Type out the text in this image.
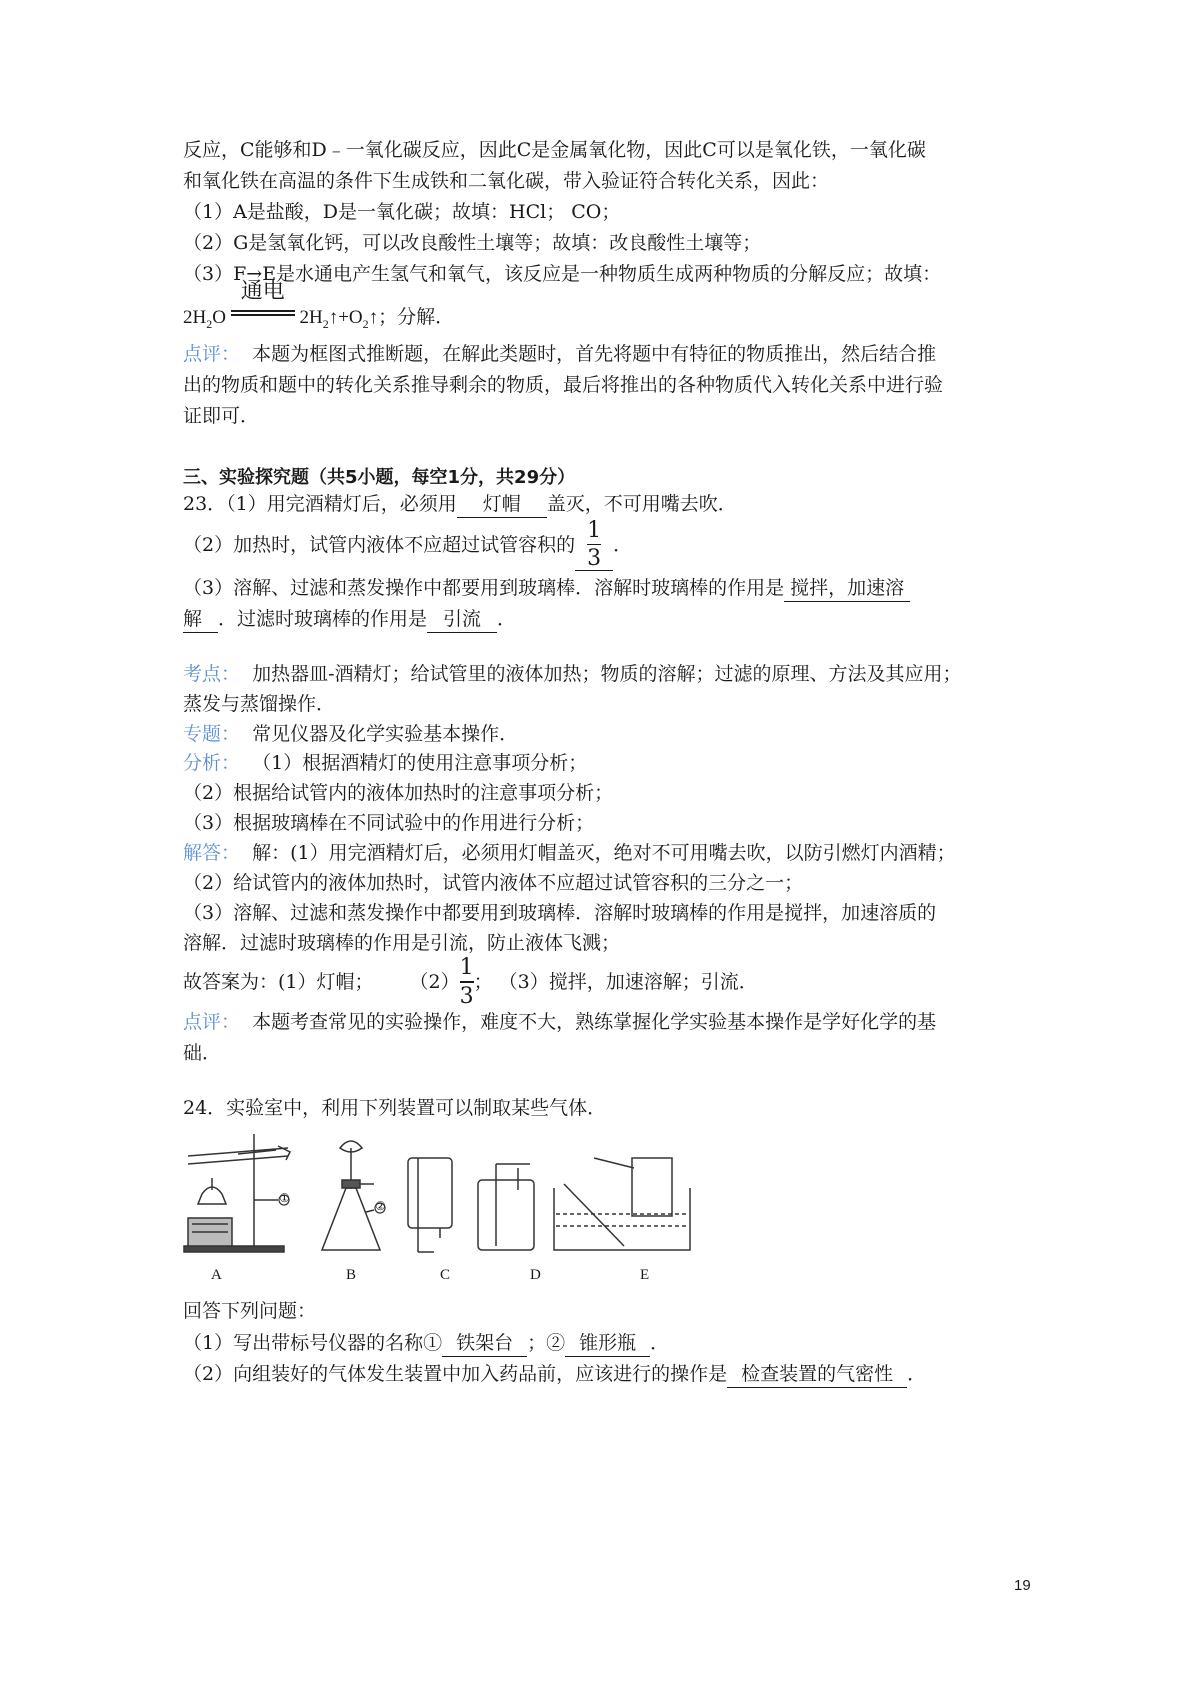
反应，C能够和D﹣一氧化碳反应，因此C是金属氧化物，因此C可以是氧化铁，一氧化碳
和氧化铁在高温的条件下生成铁和二氧化碳，带入验证符合转化关系，因此：
（1）A是盐酸，D是一氧化碳；故填：HCl； CO；
（2）G是氢氧化钙，可以改良酸性土壤等；故填：改良酸性土壤等；
（3）F→E是水通电产生氢气和氧气，该反应是一种物质生成两种物质的分解反应；故填：
$2H_2O$
通电
$2H_2↑+O_2↑$；分解．
点评： 本题为框图式推断题，在解此类题时，首先将题中有特征的物质推出，然后结合推
出的物质和题中的转化关系推导剩余的物质，最后将推出的各种物质代入转化关系中进行验
证即可．
三、实验探究题（共5小题，每空1分，共29分）
23．（1）用完酒精灯后，必须用 灯帽 盖灭，不可用嘴去吹．
（2）加热时，试管内液体不应超过试管容积的 $\frac{1}{3}$ ．
（3）溶解、过滤和蒸发操作中都要用到玻璃棒．溶解时玻璃棒的作用是 搅拌，加速溶
解 ．过滤时玻璃棒的作用是 引流 ．
考点： 加热器皿-酒精灯；给试管里的液体加热；物质的溶解；过滤的原理、方法及其应用；
蒸发与蒸馏操作．
专题： 常见仪器及化学实验基本操作．
分析： （1）根据酒精灯的使用注意事项分析；
（2）根据给试管内的液体加热时的注意事项分析；
（3）根据玻璃棒在不同试验中的作用进行分析；
解答： 解：(1）用完酒精灯后，必须用灯帽盖灭，绝对不可用嘴去吹，以防引燃灯内酒精；
（2）给试管内的液体加热时，试管内液体不应超过试管容积的三分之一；
（3）溶解、过滤和蒸发操作中都要用到玻璃棒．溶解时玻璃棒的作用是搅拌，加速溶质的
溶解．过滤时玻璃棒的作用是引流，防止液体飞溅；
故答案为：(1）灯帽； $(2) \frac{1}{3}$ ； （3）搅拌，加速溶解；引流．
点评： 本题考查常见的实验操作，难度不大，熟练掌握化学实验基本操作是学好化学的基
础．
24．实验室中，利用下列装置可以制取某些气体．
A	B	C	D	E
①
②
回答下列问题：
（1）写出带标号仪器的名称① 铁架台 ；② 锥形瓶 ．
（2）向组装好的气体发生装置中加入药品前，应该进行的操作是 检查装置的气密性 ．
19
